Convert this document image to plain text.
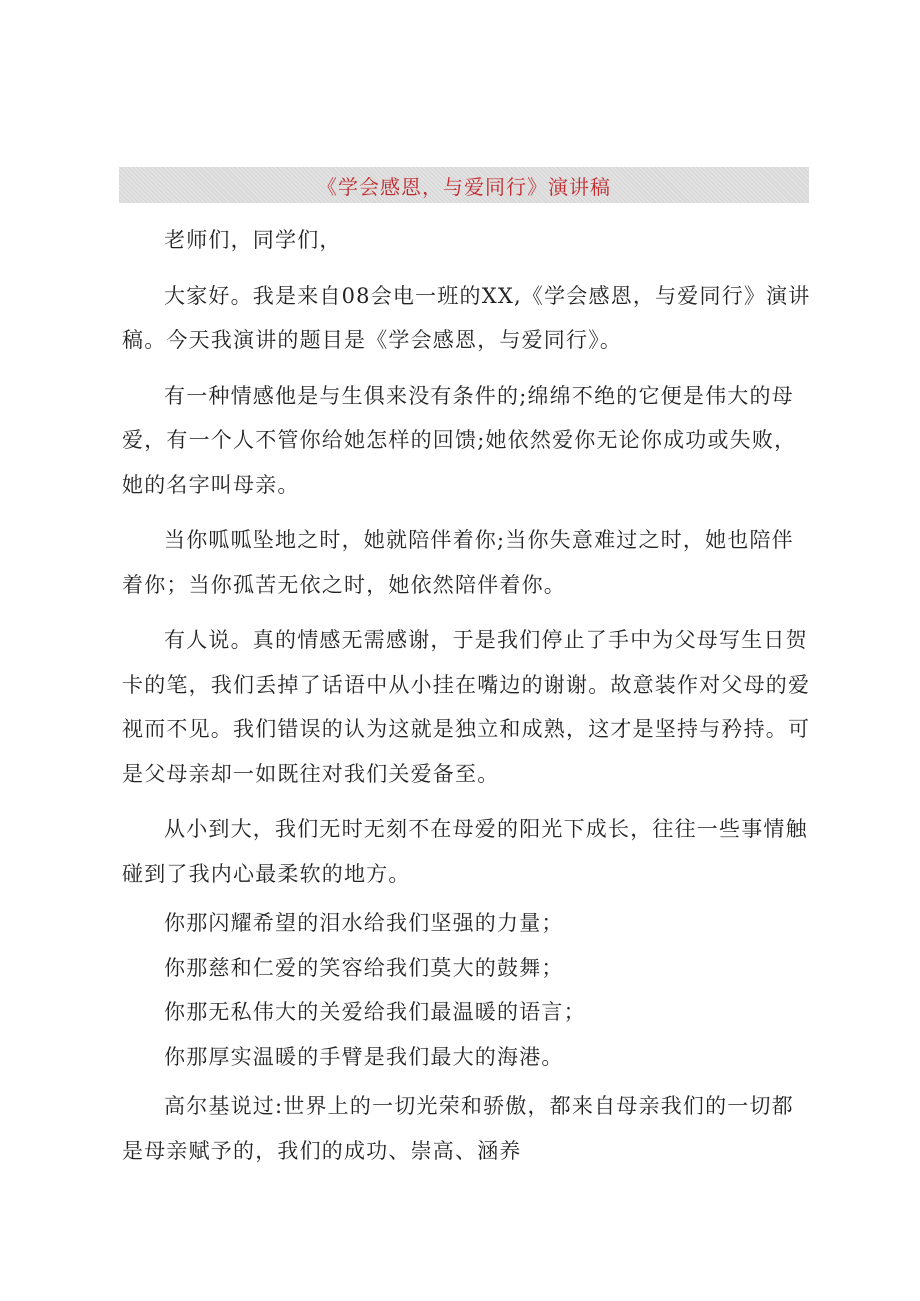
《学会感恩，与爱同行》演讲稿

老师们，同学们，

大家好。我是来自08会电一班的XX,《学会感恩，与爱同行》演讲稿。今天我演讲的题目是《学会感恩，与爱同行》。

有一种情感他是与生俱来没有条件的;绵绵不绝的它便是伟大的母爱，有一个人不管你给她怎样的回馈;她依然爱你无论你成功或失败，她的名字叫母亲。

当你呱呱坠地之时，她就陪伴着你;当你失意难过之时，她也陪伴着你；当你孤苦无依之时，她依然陪伴着你。

有人说。真的情感无需感谢，于是我们停止了手中为父母写生日贺卡的笔，我们丢掉了话语中从小挂在嘴边的谢谢。故意装作对父母的爱视而不见。我们错误的认为这就是独立和成熟，这才是坚持与矜持。可是父母亲却一如既往对我们关爱备至。

从小到大，我们无时无刻不在母爱的阳光下成长，往往一些事情触碰到了我内心最柔软的地方。

你那闪耀希望的泪水给我们坚强的力量；

你那慈和仁爱的笑容给我们莫大的鼓舞；

你那无私伟大的关爱给我们最温暖的语言；

你那厚实温暖的手臂是我们最大的海港。

高尔基说过:世界上的一切光荣和骄傲，都来自母亲我们的一切都是母亲赋予的，我们的成功、崇高、涵养
